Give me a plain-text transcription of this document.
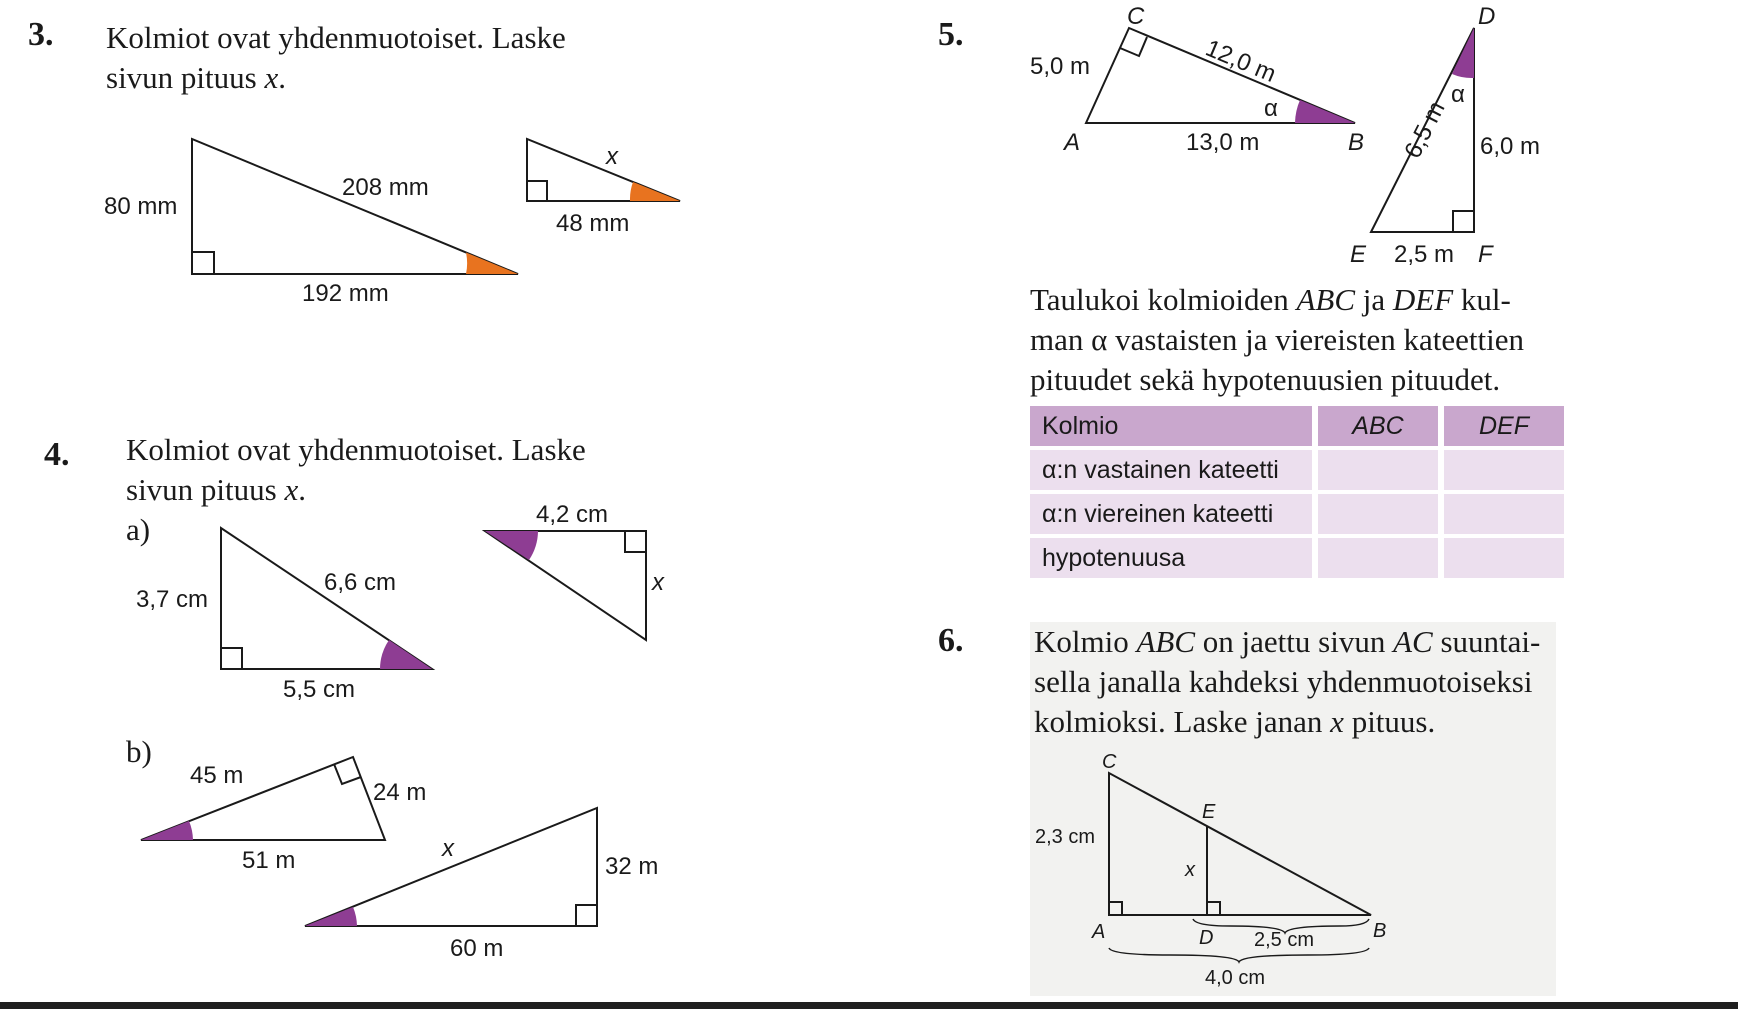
3. Kolmiot ovat yhdenmuotoiset. Laske
sivun pituus x.
4. Kolmiot ovat yhdenmuotoiset. Laske
sivun pituus x.
a)
b)
5.
Taulukoi kolmioiden ABC ja DEF kul-
man α vastaisten ja viereisten kateettien
pituudet sekä hypotenuusien pituudet.
Kolmio	ABC	DEF
α:n vastainen kateetti		
α:n viereinen kateetti		
hypotenuusa		
6. Kolmio ABC on jaettu sivun AC suuntai-
sella janalla kahdeksi yhdenmuotoiseksi
kolmioksi. Laske janan x pituus.
80 mm
208 mm
192 mm
x
48 mm
3,7 cm
6,6 cm
5,5 cm
4,2 cm
x
45 m
24 m
51 m	x
32 m
60 m
C
A	B
5,0 m	12,0 m
13,0 m
α
D
E	F
6,5 m 6,0 m
2,5 m
α
C
E
A	D	B
2,3 cm
x
2,5 cm
4,0 cm
